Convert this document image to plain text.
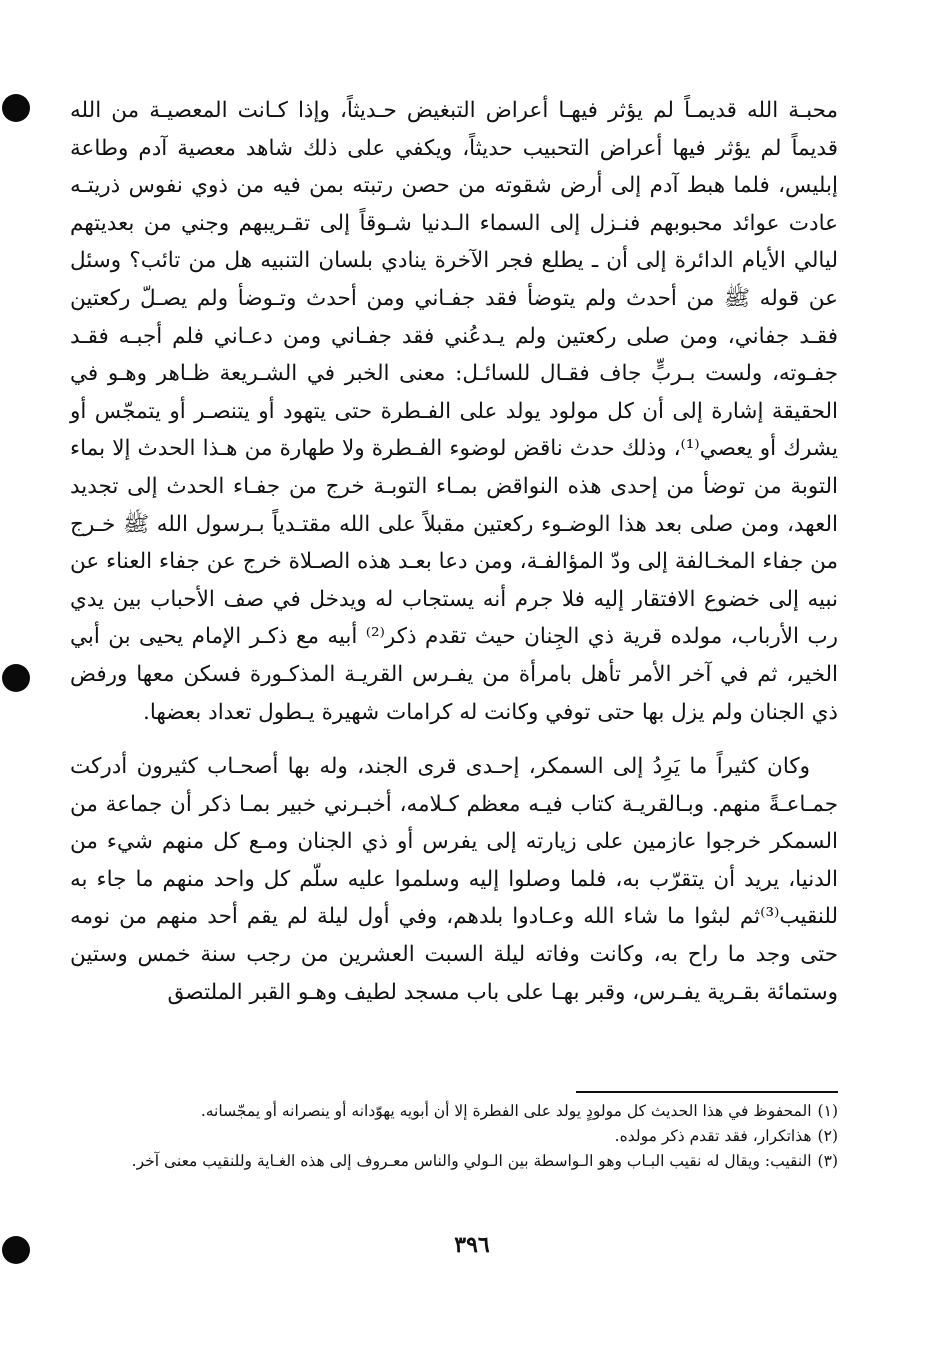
محبـة الله قديمـاً لم يؤثر فيهـا أعراض التبغيض حـديثاً، وإذا كـانت المعصيـة من الله قديماً لم يؤثر فيها أعراض التحبيب حديثاً، ويكفي على ذلك شاهد معصية آدم وطاعة إبليس، فلما هبط آدم إلى أرض شقوته من حصن رتبته بمن فيه من ذوي نفوس ذريتـه عادت عوائد محبوبهم فنـزل إلى السماء الـدنيا شـوقاً إلى تقـريبهم وجني من بعديتهم ليالي الأيام الدائرة إلى أن ـ يطلع فجر الآخرة ينادي بلسان التنبيه هل من تائب؟ وسئل عن قوله ﷺ من أحدث ولم يتوضأ فقد جفـاني ومن أحدث وتـوضأ ولم يصـلّ ركعتين فقـد جفاني، ومن صلى ركعتين ولم يـدعُني فقد جفـاني ومن دعـاني فلم أجبـه فقـد جفـوته، ولست بـربٍّ جاف فقـال للسائـل: معنى الخبر في الشـريعة ظـاهر وهـو في الحقيقة إشارة إلى أن كل مولود يولد على الفـطرة حتى يتهود أو يتنصـر أو يتمجّس أو يشرك أو يعصي⁽¹⁾، وذلك حدث ناقض لوضوء الفـطرة ولا طهارة من هـذا الحدث إلا بماء التوبة من توضأ من إحدى هذه النواقض بمـاء التوبـة خرج من جفـاء الحدث إلى تجديد العهد، ومن صلى بعد هذا الوضـوء ركعتين مقبلاً على الله مقتـدياً بـرسول الله ﷺ خـرج من جفاء المخـالفة إلى ودّ المؤالفـة، ومن دعا بعـد هذه الصـلاة خرج عن جفاء العناء عن نبيه إلى خضوع الافتقار إليه فلا جرم أنه يستجاب له ويدخل في صف الأحباب بين يدي رب الأرباب، مولده قرية ذي الجِنان حيث تقدم ذكر⁽²⁾ أبيه مع ذكـر الإمام يحيى بن أبي الخير، ثم في آخر الأمر تأهل بامرأة من يفـرس القريـة المذكـورة فسكن معها ورفض ذي الجنان ولم يزل بها حتى توفي وكانت له كرامات شهيرة يـطول تعداد بعضها.

وكان كثيراً ما يَرِدُ إلى السمكر، إحـدى قرى الجند، وله بها أصحـاب كثيرون أدركت جمـاعـةً منهم. وبـالقريـة كتاب فيـه معظم كـلامه، أخبـرني خبير بمـا ذكر أن جماعة من السمكر خرجوا عازمين على زيارته إلى يفرس أو ذي الجنان ومـع كل منهم شيء من الدنيا، يريد أن يتقرّب به، فلما وصلوا إليه وسلموا عليه سلّم كل واحد منهم ما جاء به للنقيب⁽³⁾ثم لبثوا ما شاء الله وعـادوا بلدهم، وفي أول ليلة لم يقم أحد منهم من نومه حتى وجد ما راح به، وكانت وفاته ليلة السبت العشرين من رجب سنة خمس وستين وستمائة بقـرية يفـرس، وقبر بهـا على باب مسجد لطيف وهـو القبر الملتصق

(١)
المحفوظ في هذا الحديث كل مولودٍ يولد على الفطرة إلا أن أبويه يهوّدانه أو ينصرانه أو يمجّسانه.
(٢)
هذاتكرار، فقد تقدم ذكر مولده.
(٣)
النقيب: ويقال له نقيب البـاب وهو الـواسطة بين الـولي والناس معـروف إلى هذه الغـاية وللنقيب معنى آخر.
٣٩٦
